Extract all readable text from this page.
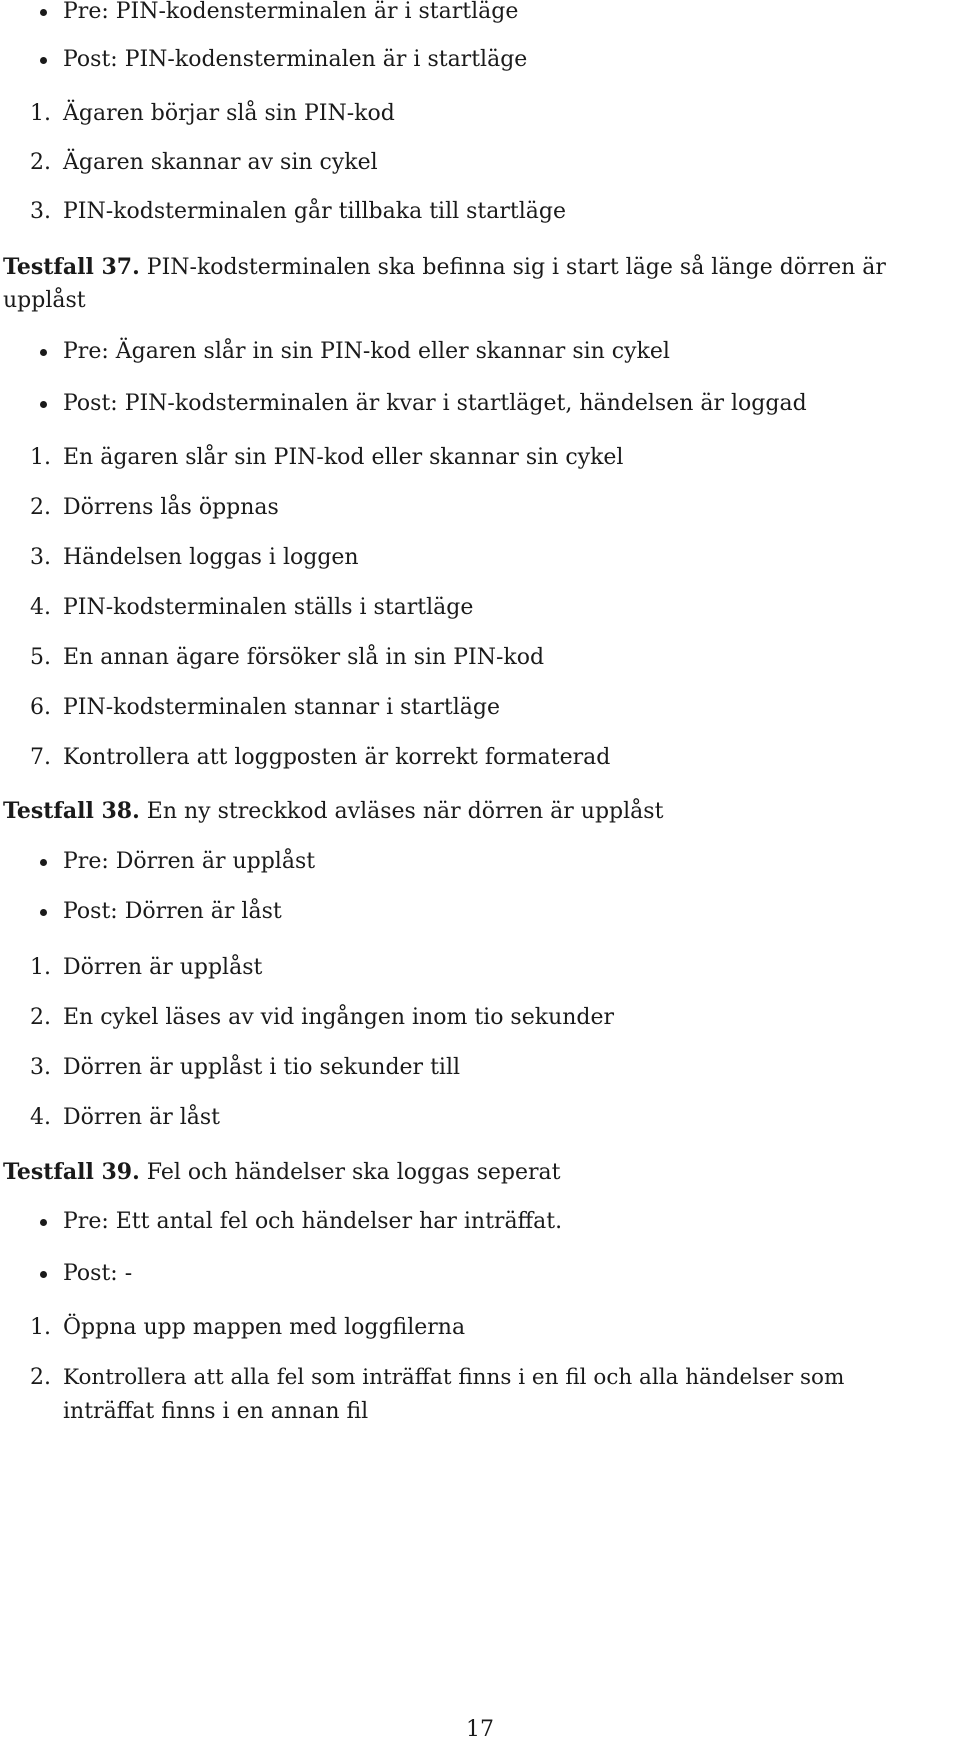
Pre: PIN-kodensterminalen är i startläge
Post: PIN-kodensterminalen är i startläge
1. Ägaren börjar slå sin PIN-kod
2. Ägaren skannar av sin cykel
3. PIN-kodsterminalen går tillbaka till startläge
Testfall 37. PIN-kodsterminalen ska befinna sig i start läge så länge dörren är
upplåst
Pre: Ägaren slår in sin PIN-kod eller skannar sin cykel
Post: PIN-kodsterminalen är kvar i startläget, händelsen är loggad
1. En ägaren slår sin PIN-kod eller skannar sin cykel
2. Dörrens lås öppnas
3. Händelsen loggas i loggen
4. PIN-kodsterminalen ställs i startläge
5. En annan ägare försöker slå in sin PIN-kod
6. PIN-kodsterminalen stannar i startläge
7. Kontrollera att loggposten är korrekt formaterad
Testfall 38. En ny streckkod avläses när dörren är upplåst
Pre: Dörren är upplåst
Post: Dörren är låst
1. Dörren är upplåst
2. En cykel läses av vid ingången inom tio sekunder
3. Dörren är upplåst i tio sekunder till
4. Dörren är låst
Testfall 39. Fel och händelser ska loggas seperat
Pre: Ett antal fel och händelser har inträffat.
Post: -
1. Öppna upp mappen med loggfilerna
2. Kontrollera att alla fel som inträffat finns i en fil och alla händelser som
inträffat finns i en annan fil
17
